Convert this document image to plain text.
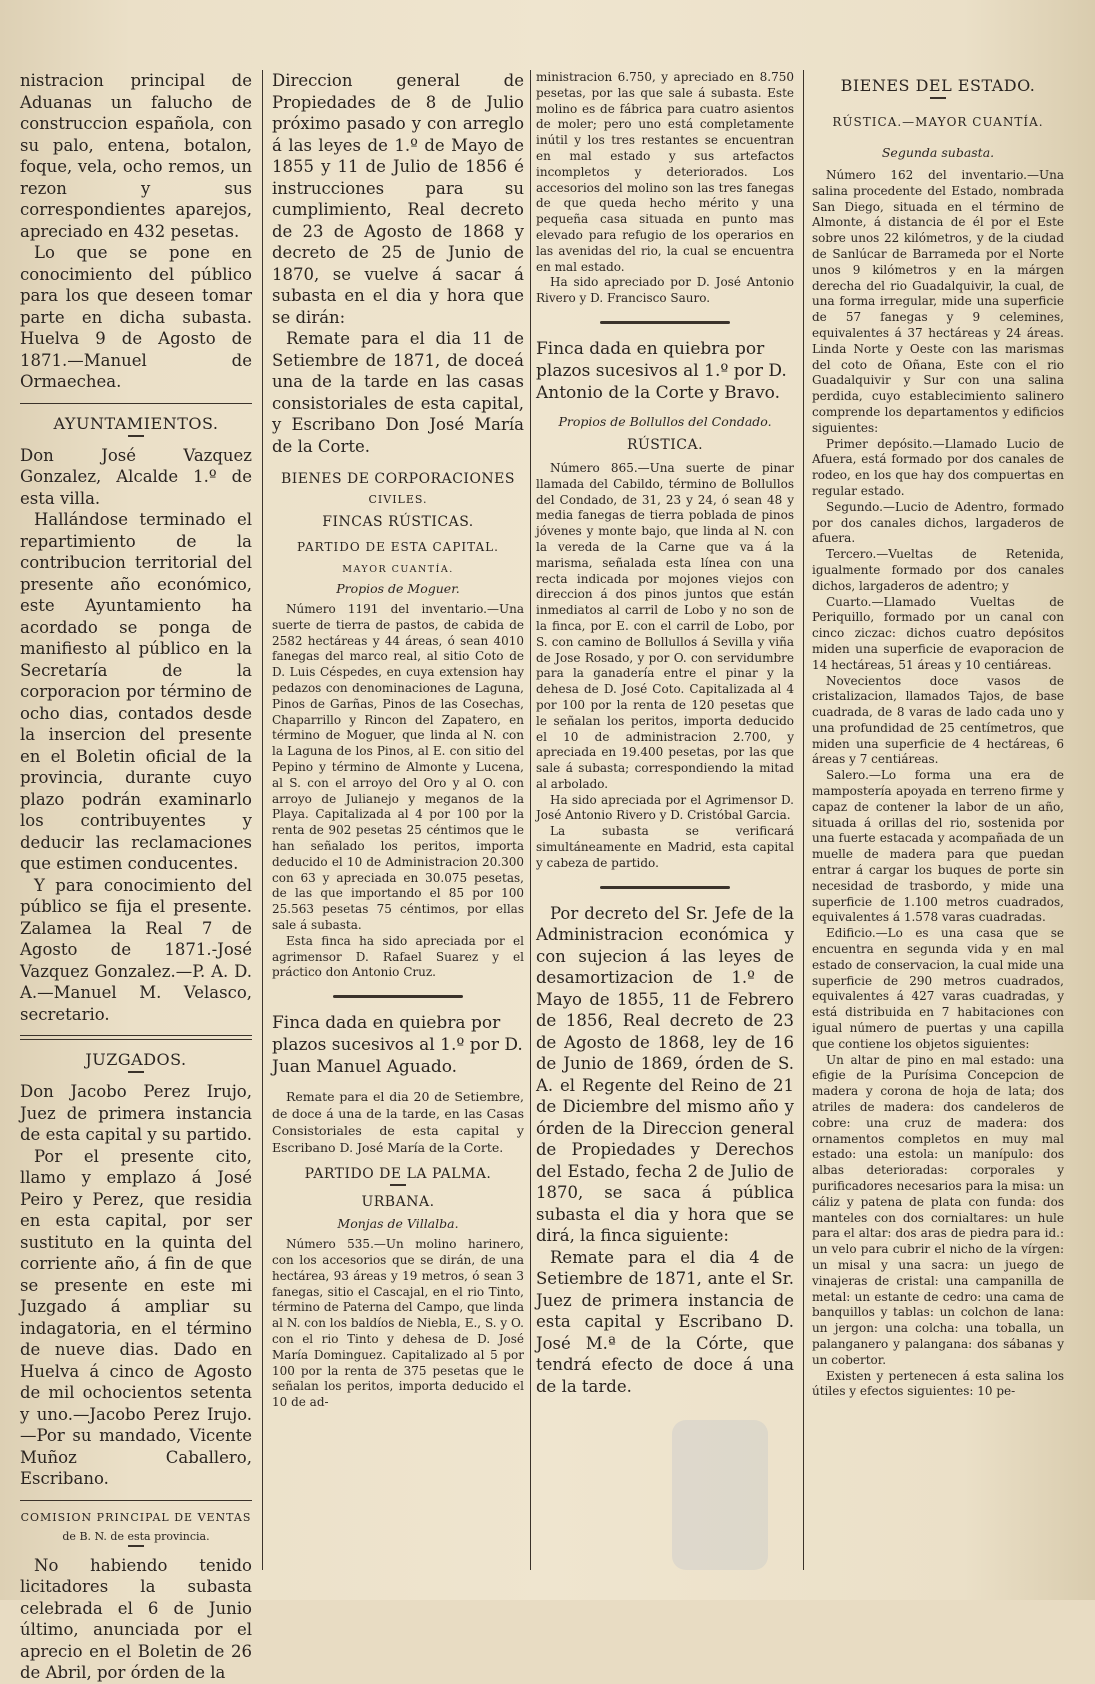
nistracion principal de Aduanas un falucho de construccion española, con su palo, entena, botalon, foque, vela, ocho remos, un rezon y sus correspondientes aparejos, apreciado en 432 pesetas.

Lo que se pone en conocimiento del público para los que deseen tomar parte en dicha subasta. Huelva 9 de Agosto de 1871.—Manuel de Ormaechea.

AYUNTAMIENTOS.

Don José Vazquez Gonzalez, Alcalde 1.º de esta villa.

Hallándose terminado el repartimiento de la contribucion territorial del presente año económico, este Ayuntamiento ha acordado se ponga de manifiesto al público en la Secretaría de la corporacion por término de ocho dias, contados desde la insercion del presente en el Boletin oficial de la provincia, durante cuyo plazo podrán examinarlo los contribuyentes y deducir las reclamaciones que estimen conducentes.

Y para conocimiento del público se fija el presente. Zalamea la Real 7 de Agosto de 1871.-José Vazquez Gonzalez.—P. A. D. A.—Manuel M. Velasco, secretario.

JUZGADOS.

Don Jacobo Perez Irujo, Juez de primera instancia de esta capital y su partido.

Por el presente cito, llamo y emplazo á José Peiro y Perez, que residia en esta capital, por ser sustituto en la quinta del corriente año, á fin de que se presente en este mi Juzgado á ampliar su indagatoria, en el término de nueve dias. Dado en Huelva á cinco de Agosto de mil ochocientos setenta y uno.—Jacobo Perez Irujo.—Por su mandado, Vicente Muñoz Caballero, Escribano.

COMISION PRINCIPAL DE VENTAS
de B. N. de esta provincia.

No habiendo tenido licitadores la subasta celebrada el 6 de Junio último, anunciada por el aprecio en el Boletin de 26 de Abril, por órden de la

Direccion general de Propiedades de 8 de Julio próximo pasado y con arreglo á las leyes de 1.º de Mayo de 1855 y 11 de Julio de 1856 é instrucciones para su cumplimiento, Real decreto de 23 de Agosto de 1868 y decreto de 25 de Junio de 1870, se vuelve á sacar á subasta en el dia y hora que se dirán:

Remate para el dia 11 de Setiembre de 1871, de doceá una de la tarde en las casas consistoriales de esta capital, y Escribano Don José María de la Corte.

BIENES DE CORPORACIONES
CIVILES.
FINCAS RÚSTICAS.
PARTIDO DE ESTA CAPITAL.
MAYOR CUANTÍA.
Propios de Moguer.

Número 1191 del inventario.—Una suerte de tierra de pastos, de cabida de 2582 hectáreas y 44 áreas, ó sean 4010 fanegas del marco real, al sitio Coto de D. Luis Céspedes, en cuya extension hay pedazos con denominaciones de Laguna, Pinos de Garñas, Pinos de las Cosechas, Chaparrillo y Rincon del Zapatero, en término de Moguer, que linda al N. con la Laguna de los Pinos, al E. con sitio del Pepino y término de Almonte y Lucena, al S. con el arroyo del Oro y al O. con arroyo de Julianejo y meganos de la Playa. Capitalizada al 4 por 100 por la renta de 902 pesetas 25 céntimos que le han señalado los peritos, importa deducido el 10 de Administracion 20.300 con 63 y apreciada en 30.075 pesetas, de las que importando el 85 por 100 25.563 pesetas 75 céntimos, por ellas sale á subasta.

Esta finca ha sido apreciada por el agrimensor D. Rafael Suarez y el práctico don Antonio Cruz.

Finca dada en quiebra por plazos sucesivos al 1.º por D. Juan Manuel Aguado.

Remate para el dia 20 de Setiembre, de doce á una de la tarde, en las Casas Consistoriales de esta capital y Escribano D. José María de la Corte.

PARTIDO DE LA PALMA.
URBANA.
Monjas de Villalba.

Número 535.—Un molino harinero, con los accesorios que se dirán, de una hectárea, 93 áreas y 19 metros, ó sean 3 fanegas, sitio el Cascajal, en el rio Tinto, término de Paterna del Campo, que linda al N. con los baldíos de Niebla, E., S. y O. con el rio Tinto y dehesa de D. José María Dominguez. Capitalizado al 5 por 100 por la renta de 375 pesetas que le señalan los peritos, importa deducido el 10 de ad-

ministracion 6.750, y apreciado en 8.750 pesetas, por las que sale á subasta. Este molino es de fábrica para cuatro asientos de moler; pero uno está completamente inútil y los tres restantes se encuentran en mal estado y sus artefactos incompletos y deteriorados. Los accesorios del molino son las tres fanegas de que queda hecho mérito y una pequeña casa situada en punto mas elevado para refugio de los operarios en las avenidas del rio, la cual se encuentra en mal estado.

Ha sido apreciado por D. José Antonio Rivero y D. Francisco Sauro.

Finca dada en quiebra por plazos sucesivos al 1.º por D. Antonio de la Corte y Bravo.

Propios de Bollullos del Condado.
RÚSTICA.

Número 865.—Una suerte de pinar llamada del Cabildo, término de Bollullos del Condado, de 31, 23 y 24, ó sean 48 y media fanegas de tierra poblada de pinos jóvenes y monte bajo, que linda al N. con la vereda de la Carne que va á la marisma, señalada esta línea con una recta indicada por mojones viejos con direccion á dos pinos juntos que están inmediatos al carril de Lobo y no son de la finca, por E. con el carril de Lobo, por S. con camino de Bollullos á Sevilla y viña de Jose Rosado, y por O. con servidumbre para la ganadería entre el pinar y la dehesa de D. José Coto. Capitalizada al 4 por 100 por la renta de 120 pesetas que le señalan los peritos, importa deducido el 10 de administracion 2.700, y apreciada en 19.400 pesetas, por las que sale á subasta; correspondiendo la mitad al arbolado.

Ha sido apreciada por el Agrimensor D. José Antonio Rivero y D. Cristóbal Garcia.

La subasta se verificará simultáneamente en Madrid, esta capital y cabeza de partido.

Por decreto del Sr. Jefe de la Administracion económica y con sujecion á las leyes de desamortizacion de 1.º de Mayo de 1855, 11 de Febrero de 1856, Real decreto de 23 de Agosto de 1868, ley de 16 de Junio de 1869, órden de S. A. el Regente del Reino de 21 de Diciembre del mismo año y órden de la Direccion general de Propiedades y Derechos del Estado, fecha 2 de Julio de 1870, se saca á pública subasta el dia y hora que se dirá, la finca siguiente:

Remate para el dia 4 de Setiembre de 1871, ante el Sr. Juez de primera instancia de esta capital y Escribano D. José M.ª de la Córte, que tendrá efecto de doce á una de la tarde.

BIENES DEL ESTADO.
RÚSTICA.—MAYOR CUANTÍA.
Segunda subasta.

Número 162 del inventario.—Una salina procedente del Estado, nombrada San Diego, situada en el término de Almonte, á distancia de él por el Este sobre unos 22 kilómetros, y de la ciudad de Sanlúcar de Barrameda por el Norte unos 9 kilómetros y en la márgen derecha del rio Guadalquivir, la cual, de una forma irregular, mide una superficie de 57 fanegas y 9 celemines, equivalentes á 37 hectáreas y 24 áreas. Linda Norte y Oeste con las marismas del coto de Oñana, Este con el rio Guadalquivir y Sur con una salina perdida, cuyo establecimiento salinero comprende los departamentos y edificios siguientes:

Primer depósito.—Llamado Lucio de Afuera, está formado por dos canales de rodeo, en los que hay dos compuertas en regular estado.

Segundo.—Lucio de Adentro, formado por dos canales dichos, largaderos de afuera.

Tercero.—Vueltas de Retenida, igualmente formado por dos canales dichos, largaderos de adentro; y

Cuarto.—Llamado Vueltas de Periquillo, formado por un canal con cinco ziczac: dichos cuatro depósitos miden una superficie de evaporacion de 14 hectáreas, 51 áreas y 10 centiáreas.

Novecientos doce vasos de cristalizacion, llamados Tajos, de base cuadrada, de 8 varas de lado cada uno y una profundidad de 25 centímetros, que miden una superficie de 4 hectáreas, 6 áreas y 7 centiáreas.

Salero.—Lo forma una era de mampostería apoyada en terreno firme y capaz de contener la labor de un año, situada á orillas del rio, sostenida por una fuerte estacada y acompañada de un muelle de madera para que puedan entrar á cargar los buques de porte sin necesidad de trasbordo, y mide una superficie de 1.100 metros cuadrados, equivalentes á 1.578 varas cuadradas.

Edificio.—Lo es una casa que se encuentra en segunda vida y en mal estado de conservacion, la cual mide una superficie de 290 metros cuadrados, equivalentes á 427 varas cuadradas, y está distribuida en 7 habitaciones con igual número de puertas y una capilla que contiene los objetos siguientes:

Un altar de pino en mal estado: una efigie de la Purísima Concepcion de madera y corona de hoja de lata; dos atriles de madera: dos candeleros de cobre: una cruz de madera: dos ornamentos completos en muy mal estado: una estola: un manípulo: dos albas deterioradas: corporales y purificadores necesarios para la misa: un cáliz y patena de plata con funda: dos manteles con dos cornialtares: un hule para el altar: dos aras de piedra para id.: un velo para cubrir el nicho de la vírgen: un misal y una sacra: un juego de vinajeras de cristal: una campanilla de metal: un estante de cedro: una cama de banquillos y tablas: un colchon de lana: un jergon: una colcha: una toballa, un palanganero y palangana: dos sábanas y un cobertor.

Existen y pertenecen á esta salina los útiles y efectos siguientes: 10 pe-
